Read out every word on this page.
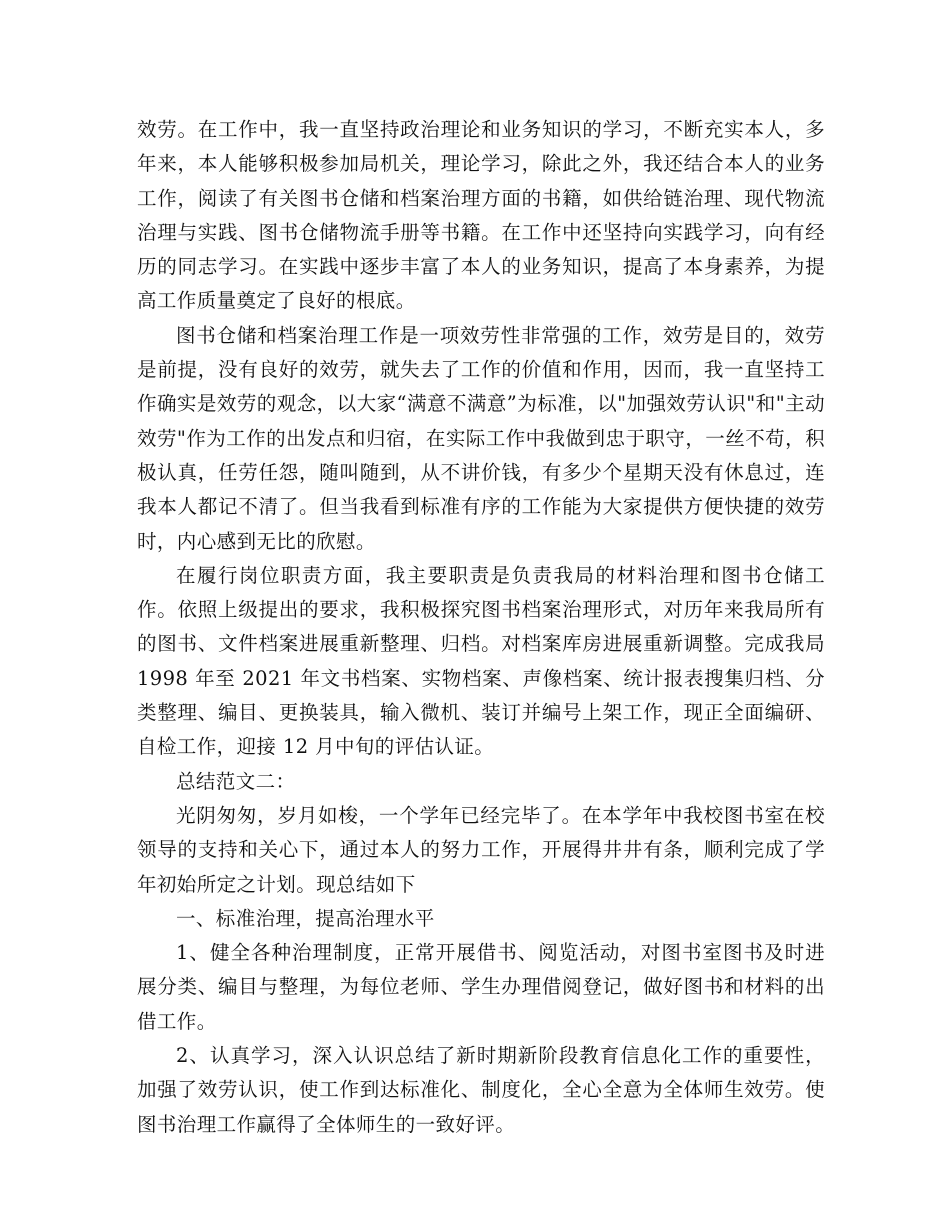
效劳。在工作中，我一直坚持政治理论和业务知识的学习，不断充实本人，多年来，本人能够积极参加局机关，理论学习，除此之外，我还结合本人的业务工作，阅读了有关图书仓储和档案治理方面的书籍，如供给链治理、现代物流治理与实践、图书仓储物流手册等书籍。在工作中还坚持向实践学习，向有经历的同志学习。在实践中逐步丰富了本人的业务知识，提高了本身素养，为提高工作质量奠定了良好的根底。

图书仓储和档案治理工作是一项效劳性非常强的工作，效劳是目的，效劳是前提，没有良好的效劳，就失去了工作的价值和作用，因而，我一直坚持工作确实是效劳的观念，以大家“满意不满意”为标准，以"加强效劳认识"和"主动效劳"作为工作的出发点和归宿，在实际工作中我做到忠于职守，一丝不苟，积极认真，任劳任怨，随叫随到，从不讲价钱，有多少个星期天没有休息过，连我本人都记不清了。但当我看到标准有序的工作能为大家提供方便快捷的效劳时，内心感到无比的欣慰。

在履行岗位职责方面，我主要职责是负责我局的材料治理和图书仓储工作。依照上级提出的要求，我积极探究图书档案治理形式，对历年来我局所有的图书、文件档案进展重新整理、归档。对档案库房进展重新调整。完成我局 1998 年至 2021 年文书档案、实物档案、声像档案、统计报表搜集归档、分类整理、编目、更换装具，输入微机、装订并编号上架工作，现正全面编研、自检工作，迎接 12 月中旬的评估认证。

总结范文二：

光阴匆匆，岁月如梭，一个学年已经完毕了。在本学年中我校图书室在校领导的支持和关心下，通过本人的努力工作，开展得井井有条，顺利完成了学年初始所定之计划。现总结如下

一、标准治理，提高治理水平

1、健全各种治理制度，正常开展借书、阅览活动，对图书室图书及时进展分类、编目与整理，为每位老师、学生办理借阅登记，做好图书和材料的出借工作。

2、认真学习，深入认识总结了新时期新阶段教育信息化工作的重要性，加强了效劳认识，使工作到达标准化、制度化，全心全意为全体师生效劳。使图书治理工作赢得了全体师生的一致好评。
